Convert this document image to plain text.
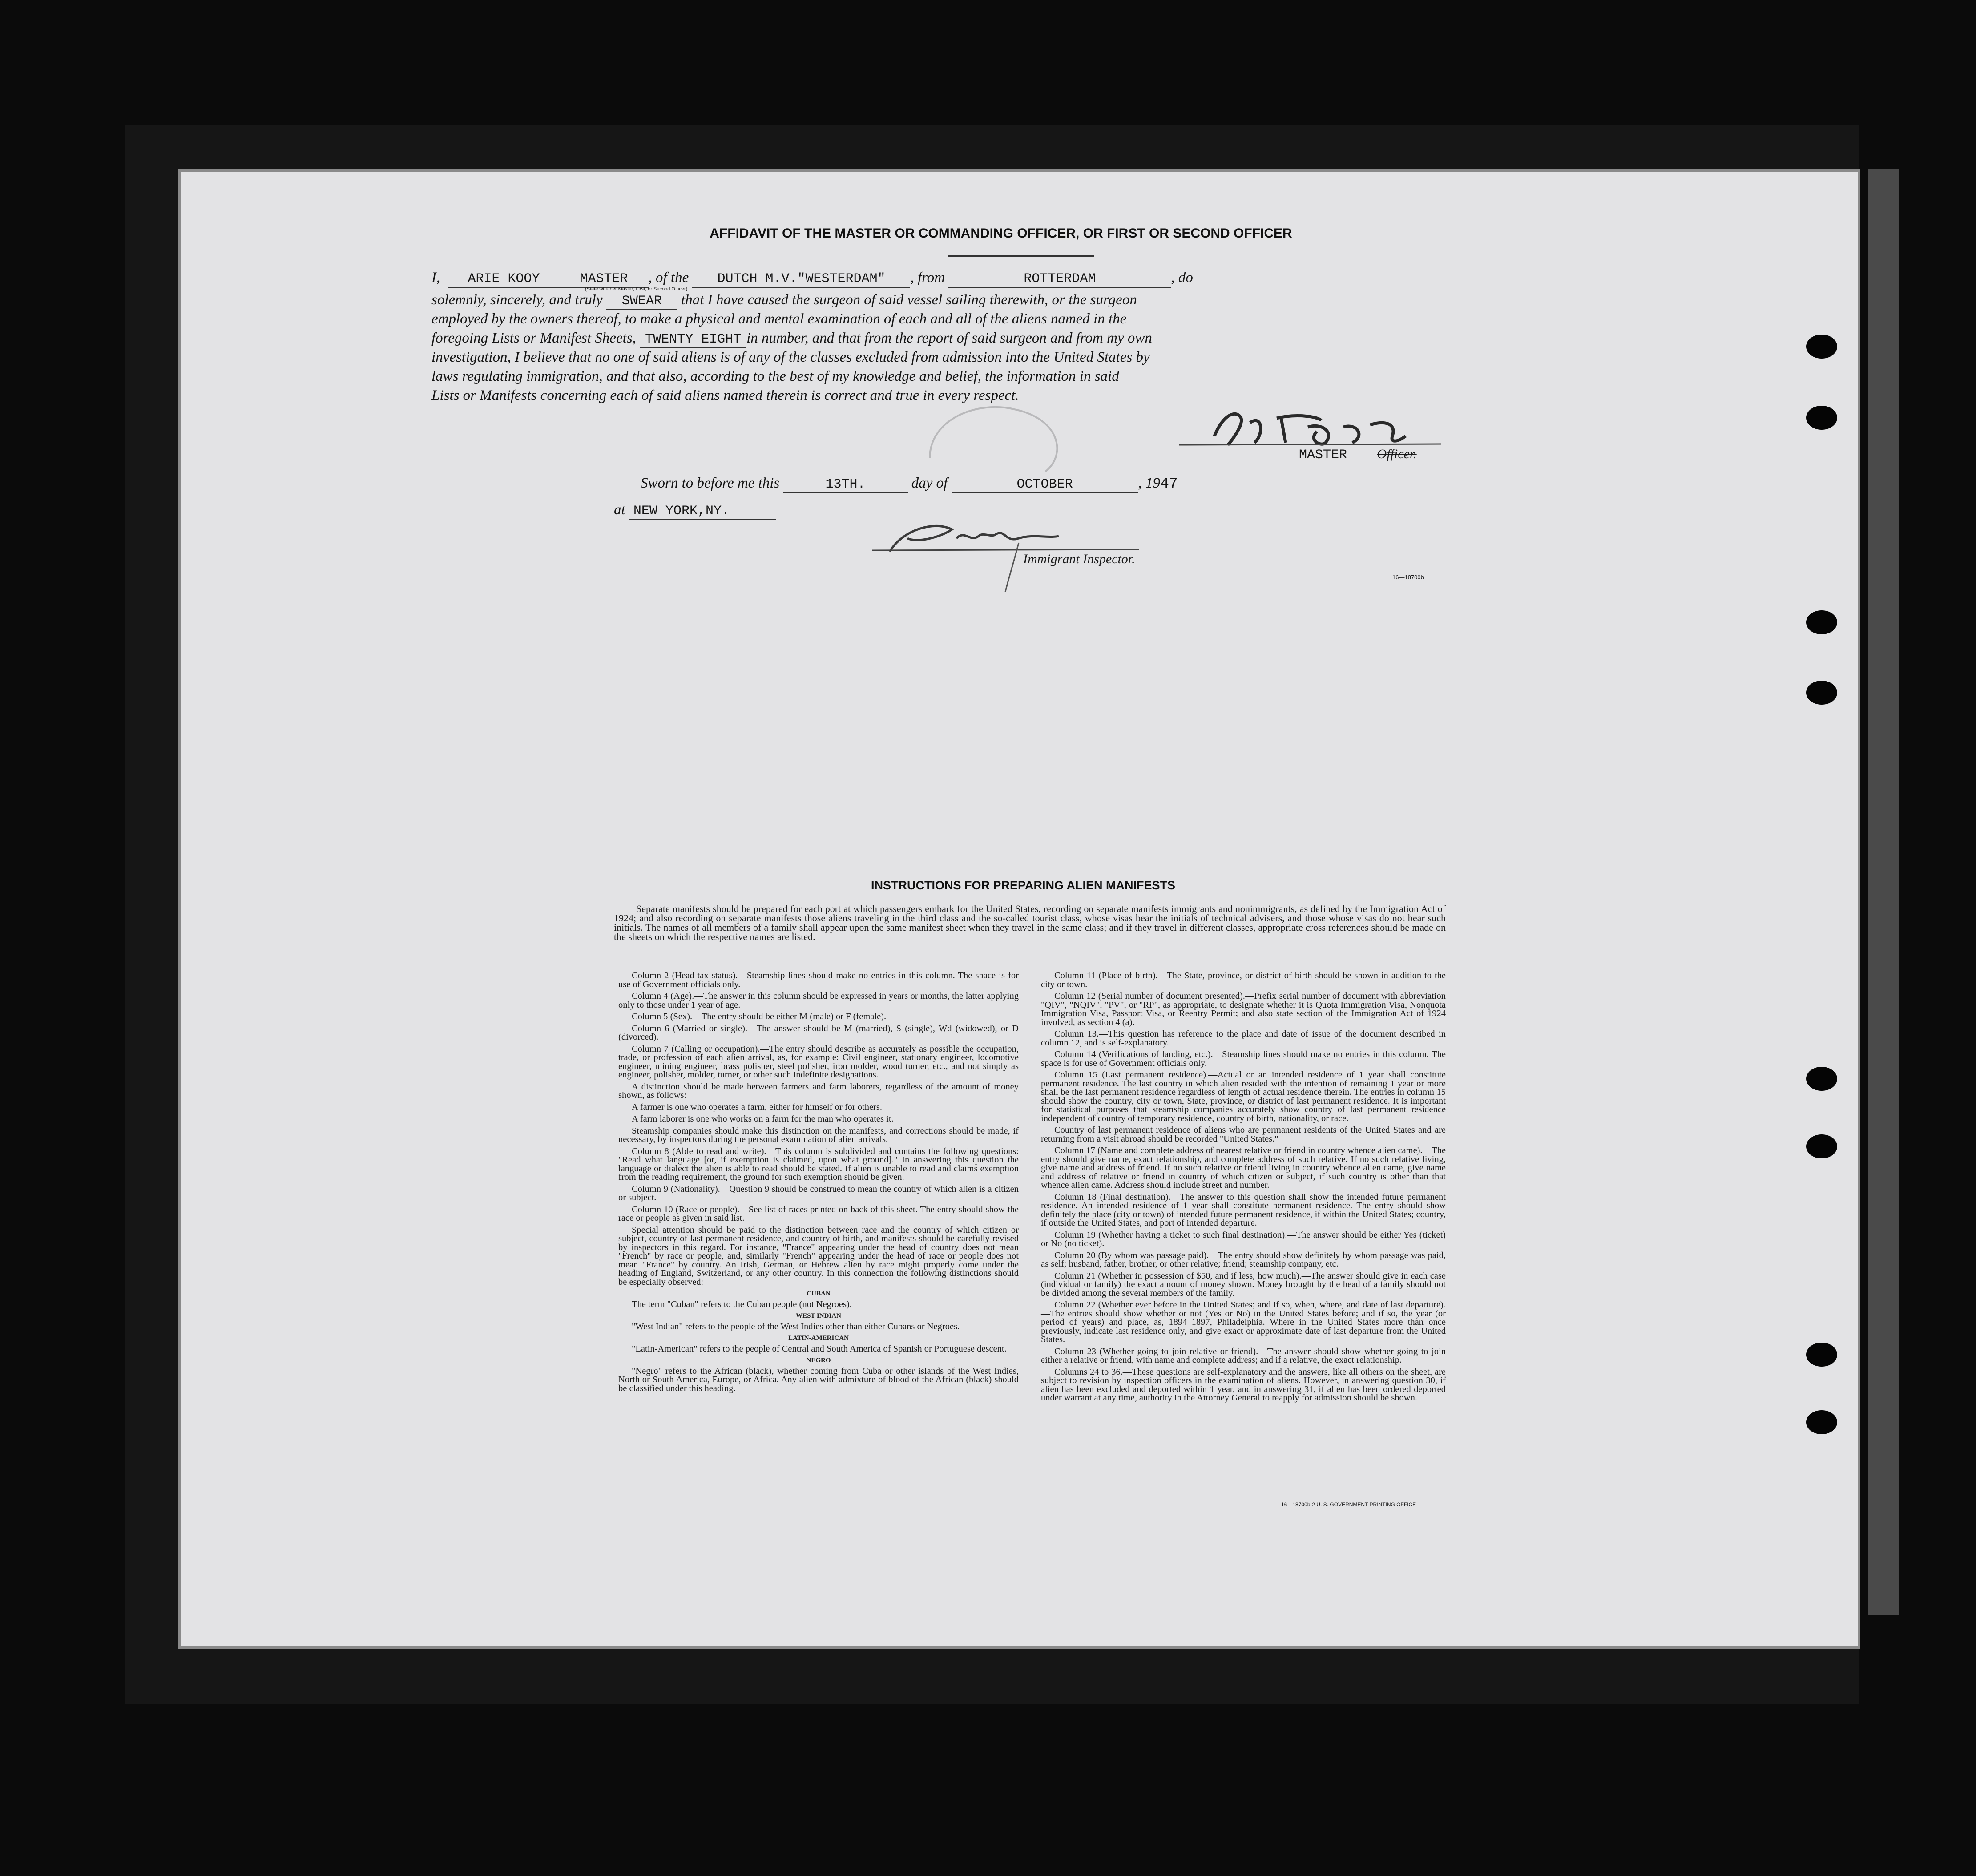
AFFIDAVIT OF THE MASTER OR COMMANDING OFFICER, OR FIRST OR SECOND OFFICER
I, ARIE KOOY	MASTER , of the DUTCH M.V."WESTERDAM" , from	ROTTERDAM	, do
(State whether Master, First, or Second Officer)
solemnly, sincerely, and truly SWEAR that I have caused the surgeon of said vessel sailing therewith, or the surgeon
employed by the owners thereof, to make a physical and mental examination of each and all of the aliens named in the
foregoing Lists or Manifest Sheets, TWENTY EIGHT in number, and that from the report of said surgeon and from my own
investigation, I believe that no one of said aliens is of any of the classes excluded from admission into the United States by
laws regulating immigration, and that also, according to the best of my knowledge and belief, the information in said
Lists or Manifests concerning each of said aliens named therein is correct and true in every respect.
MASTER Officer.
Sworn to before me this	13TH.	day of	OCTOBER	, 1947
at NEW YORK,NY.
Immigrant Inspector.
16—18700b
INSTRUCTIONS FOR PREPARING ALIEN MANIFESTS
Separate manifests should be prepared for each port at which passengers embark for the United States, recording on separate manifests immigrants and nonimmigrants, as defined by the Immigration Act of 1924; and also recording on separate manifests those aliens traveling in the third class and the so-called tourist class, whose visas bear the initials of technical advisers, and those whose visas do not bear such initials. The names of all members of a family shall appear upon the same manifest sheet when they travel in the same class; and if they travel in different classes, appropriate cross references should be made on the sheets on which the respective names are listed.

Column 2 (Head-tax status).—Steamship lines should make no entries in this column. The space is for use of Government officials only.

Column 4 (Age).—The answer in this column should be expressed in years or months, the latter applying only to those under 1 year of age.

Column 5 (Sex).—The entry should be either M (male) or F (female).

Column 6 (Married or single).—The answer should be M (married), S (single), Wd (widowed), or D (divorced).

Column 7 (Calling or occupation).—The entry should describe as accurately as possible the occupation, trade, or profession of each alien arrival, as, for example: Civil engineer, stationary engineer, locomotive engineer, mining engineer, brass polisher, steel polisher, iron molder, wood turner, etc., and not simply as engineer, polisher, molder, turner, or other such indefinite designations.

A distinction should be made between farmers and farm laborers, regardless of the amount of money shown, as follows:

A farmer is one who operates a farm, either for himself or for others.

A farm laborer is one who works on a farm for the man who operates it.

Steamship companies should make this distinction on the manifests, and corrections should be made, if necessary, by inspectors during the personal examination of alien arrivals.

Column 8 (Able to read and write).—This column is subdivided and contains the following questions: "Read what language [or, if exemption is claimed, upon what ground]." In answering this question the language or dialect the alien is able to read should be stated. If alien is unable to read and claims exemption from the reading requirement, the ground for such exemption should be given.

Column 9 (Nationality).—Question 9 should be construed to mean the country of which alien is a citizen or subject.

Column 10 (Race or people).—See list of races printed on back of this sheet. The entry should show the race or people as given in said list.

Special attention should be paid to the distinction between race and the country of which citizen or subject, country of last permanent residence, and country of birth, and manifests should be carefully revised by inspectors in this regard. For instance, "France" appearing under the head of country does not mean "French" by race or people, and, similarly "French" appearing under the head of race or people does not mean "France" by country. An Irish, German, or Hebrew alien by race might properly come under the heading of England, Switzerland, or any other country. In this connection the following distinctions should be especially observed:

CUBAN

The term "Cuban" refers to the Cuban people (not Negroes).

WEST INDIAN

"West Indian" refers to the people of the West Indies other than either Cubans or Negroes.

LATIN-AMERICAN

"Latin-American" refers to the people of Central and South America of Spanish or Portuguese descent.

NEGRO

"Negro" refers to the African (black), whether coming from Cuba or other islands of the West Indies, North or South America, Europe, or Africa. Any alien with admixture of blood of the African (black) should be classified under this heading.

Column 11 (Place of birth).—The State, province, or district of birth should be shown in addition to the city or town.

Column 12 (Serial number of document presented).—Prefix serial number of document with abbreviation "QIV", "NQIV", "PV", or "RP", as appropriate, to designate whether it is Quota Immigration Visa, Nonquota Immigration Visa, Passport Visa, or Reentry Permit; and also state section of the Immigration Act of 1924 involved, as section 4 (a).

Column 13.—This question has reference to the place and date of issue of the document described in column 12, and is self-explanatory.

Column 14 (Verifications of landing, etc.).—Steamship lines should make no entries in this column. The space is for use of Government officials only.

Column 15 (Last permanent residence).—Actual or an intended residence of 1 year shall constitute permanent residence. The last country in which alien resided with the intention of remaining 1 year or more shall be the last permanent residence regardless of length of actual residence therein. The entries in column 15 should show the country, city or town, State, province, or district of last permanent residence. It is important for statistical purposes that steamship companies accurately show country of last permanent residence independent of country of temporary residence, country of birth, nationality, or race.

Country of last permanent residence of aliens who are permanent residents of the United States and are returning from a visit abroad should be recorded "United States."

Column 17 (Name and complete address of nearest relative or friend in country whence alien came).—The entry should give name, exact relationship, and complete address of such relative. If no such relative living, give name and address of friend. If no such relative or friend living in country whence alien came, give name and address of relative or friend in country of which citizen or subject, if such country is other than that whence alien came. Address should include street and number.

Column 18 (Final destination).—The answer to this question shall show the intended future permanent residence. An intended residence of 1 year shall constitute permanent residence. The entry should show definitely the place (city or town) of intended future permanent residence, if within the United States; country, if outside the United States, and port of intended departure.

Column 19 (Whether having a ticket to such final destination).—The answer should be either Yes (ticket) or No (no ticket).

Column 20 (By whom was passage paid).—The entry should show definitely by whom passage was paid, as self; husband, father, brother, or other relative; friend; steamship company, etc.

Column 21 (Whether in possession of $50, and if less, how much).—The answer should give in each case (individual or family) the exact amount of money shown. Money brought by the head of a family should not be divided among the several members of the family.

Column 22 (Whether ever before in the United States; and if so, when, where, and date of last departure).—The entries should show whether or not (Yes or No) in the United States before; and if so, the year (or period of years) and place, as, 1894–1897, Philadelphia. Where in the United States more than once previously, indicate last residence only, and give exact or approximate date of last departure from the United States.

Column 23 (Whether going to join relative or friend).—The answer should show whether going to join either a relative or friend, with name and complete address; and if a relative, the exact relationship.

Columns 24 to 36.—These questions are self-explanatory and the answers, like all others on the sheet, are subject to revision by inspection officers in the examination of aliens. However, in answering question 30, if alien has been excluded and deported within 1 year, and in answering 31, if alien has been ordered deported under warrant at any time, authority in the Attorney General to reapply for admission should be shown.

16—18700b-2 U. S. GOVERNMENT PRINTING OFFICE
